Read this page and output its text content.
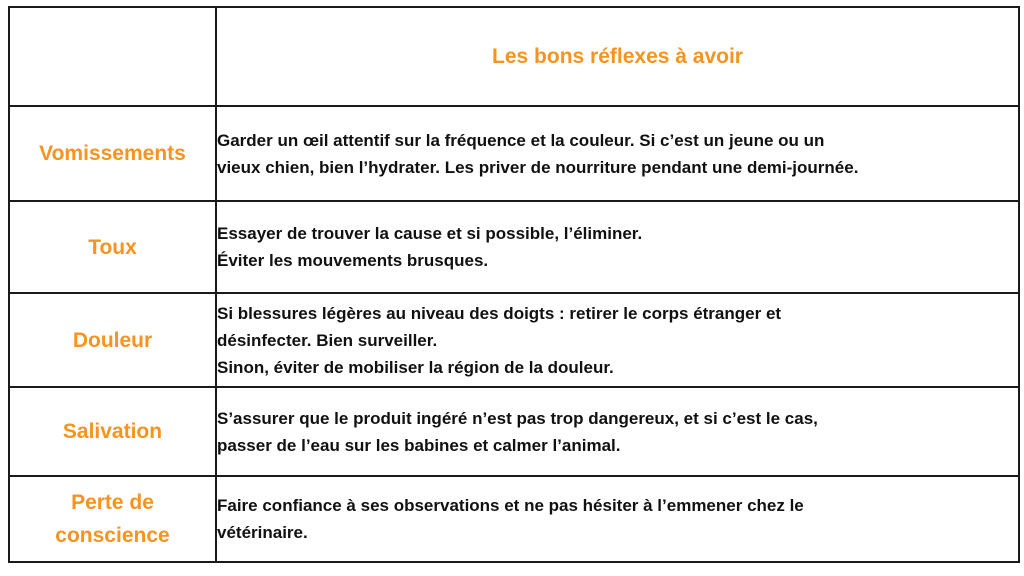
	Les bons réflexes à avoir

Vomissements	Garder un œil attentif sur la fréquence et la couleur. Si c’est un jeune ou un
vieux chien, bien l’hydrater. Les priver de nourriture pendant une demi-journée.

Toux	Essayer de trouver la cause et si possible, l’éliminer.
Éviter les mouvements brusques.

Douleur	Si blessures légères au niveau des doigts : retirer le corps étranger et
désinfecter. Bien surveiller.
Sinon, éviter de mobiliser la région de la douleur.

Salivation	S’assurer que le produit ingéré n’est pas trop dangereux, et si c’est le cas,
passer de l’eau sur les babines et calmer l’animal.

Perte de
conscience	Faire confiance à ses observations et ne pas hésiter à l’emmener chez le
vétérinaire.
